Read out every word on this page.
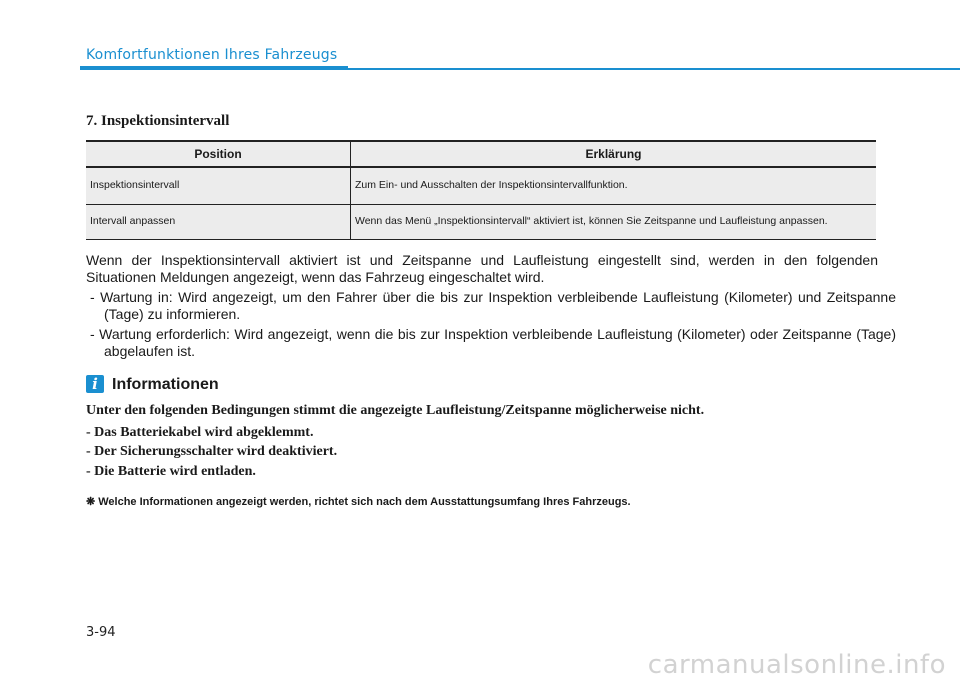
Komfortfunktionen Ihres Fahrzeugs
7. Inspektionsintervall
Position	Erklärung
Inspektionsintervall	Zum Ein- und Ausschalten der Inspektionsintervallfunktion.
Intervall anpassen	Wenn das Menü „Inspektionsintervall“ aktiviert ist, können Sie Zeitspanne und Laufleistung anpassen.
Wenn der Inspektionsintervall aktiviert ist und Zeitspanne und Laufleistung eingestellt sind, werden in den folgenden Situationen Meldungen angezeigt, wenn das Fahrzeug eingeschaltet wird.
- Wartung in: Wird angezeigt, um den Fahrer über die bis zur Inspektion verbleibende Laufleistung (Kilometer) und Zeitspanne (Tage) zu informieren.
- Wartung erforderlich: Wird angezeigt, wenn die bis zur Inspektion verbleibende Laufleistung (Kilometer) oder Zeitspanne (Tage) abgelaufen ist.
i Informationen
Unter den folgenden Bedingungen stimmt die angezeigte Laufleistung/Zeitspanne möglicherweise nicht.
- Das Batteriekabel wird abgeklemmt.
- Der Sicherungsschalter wird deaktiviert.
- Die Batterie wird entladen.
❋ Welche Informationen angezeigt werden, richtet sich nach dem Ausstattungsumfang Ihres Fahrzeugs.
3-94
carmanualsonline.info
